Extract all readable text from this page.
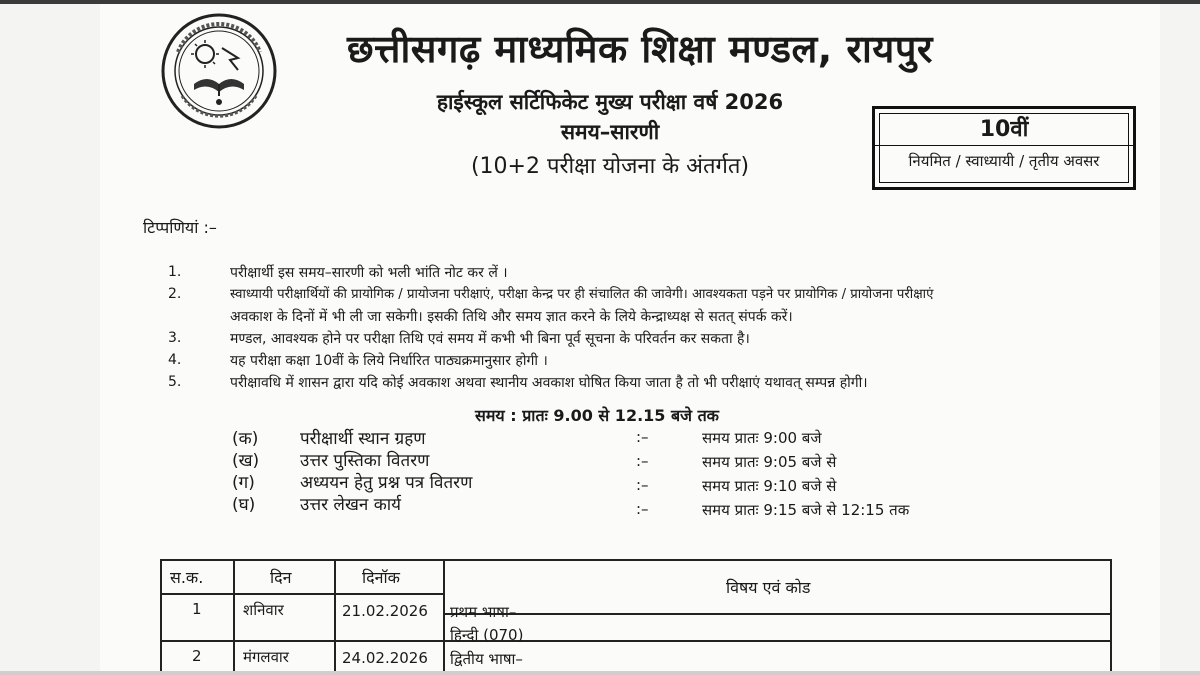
छत्तीसगढ़ माध्यमिक शिक्षा मण्डल, रायपुर
हाईस्कूल सर्टिफिकेट मुख्य परीक्षा वर्ष 2026
समय–सारणी
(10+2 परीक्षा योजना के अंतर्गत)
10वीं
नियमित / स्वाध्यायी / तृतीय अवसर
टिप्पणियां :–
1.	परीक्षार्थी इस समय–सारणी को भली भांति नोट कर लें ।
2.	स्वाध्यायी परीक्षार्थियों की प्रायोगिक / प्रायोजना परीक्षाएं, परीक्षा केन्द्र पर ही संचालित की जावेगी। आवश्यकता पड़ने पर प्रायोगिक / प्रायोजना परीक्षाएं
अवकाश के दिनों में भी ली जा सकेगी। इसकी तिथि और समय ज्ञात करने के लिये केन्द्राध्यक्ष से सतत् संपर्क करें।
3.	मण्डल, आवश्यक होने पर परीक्षा तिथि एवं समय में कभी भी बिना पूर्व सूचना के परिवर्तन कर सकता है।
4.	यह परीक्षा कक्षा 10वीं के लिये निर्धारित पाठ्यक्रमानुसार होगी ।
5.	परीक्षावधि में शासन द्वारा यदि कोई अवकाश अथवा स्थानीय अवकाश घोषित किया जाता है तो भी परीक्षाएं यथावत् सम्पन्न होगी।
समय : प्रातः 9.00 से 12.15 बजे तक
(क) परीक्षार्थी स्थान ग्रहण	:–	समय प्रातः 9:00 बजे
(ख) उत्तर पुस्तिका वितरण	:–	समय प्रातः 9:05 बजे से
(ग)	अध्ययन हेतु प्रश्न पत्र वितरण	:–	समय प्रातः 9:10 बजे से
(घ)	उत्तर लेखन कार्य	:–	समय प्रातः 9:15 बजे से 12:15 तक
स.क.	दिन	दिनॉक
विषय एवं कोड
1	शनिवार	21.02.2026 प्रथम भाषा–
हिन्दी (070)
2	मंगलवार	24.02.2026 द्वितीय भाषा–
